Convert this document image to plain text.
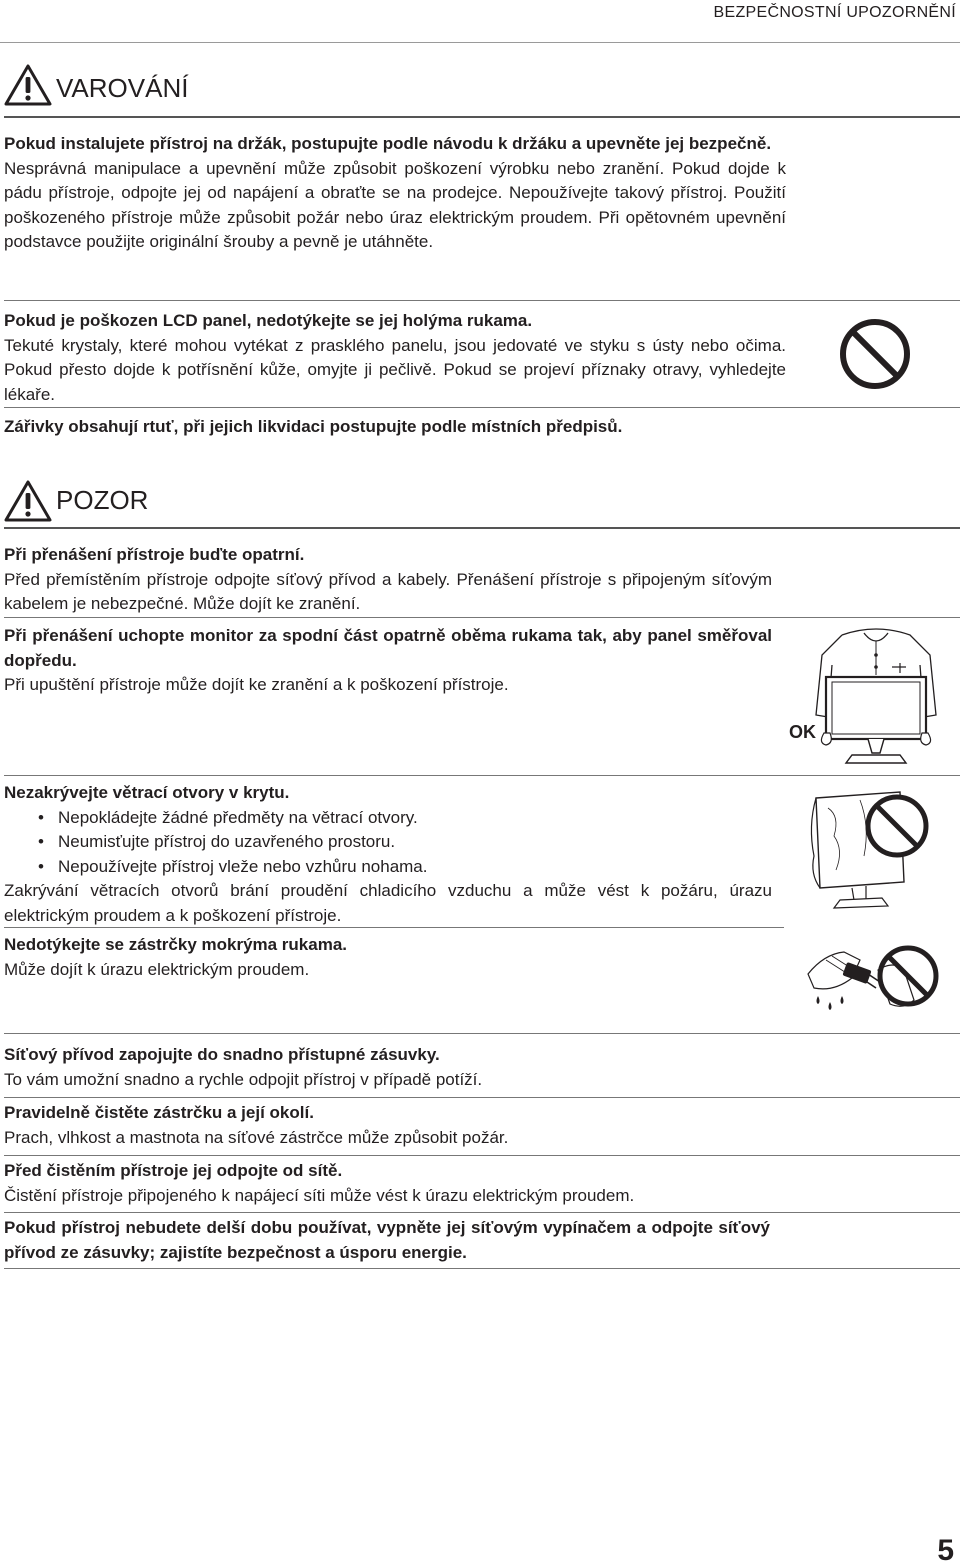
BEZPEČNOSTNÍ UPOZORNĚNÍ
VAROVÁNÍ
Pokud instalujete přístroj na držák, postupujte podle návodu k držáku a upevněte jej bezpečně.
Nesprávná manipulace a upevnění může způsobit poškození výrobku nebo zranění. Pokud dojde k pádu přístroje, odpojte jej od napájení a obraťte se na prodejce. Nepoužívejte takový přístroj. Použití poškozeného přístroje může způsobit požár nebo úraz elektrickým proudem. Při opětovném upevnění podstavce použijte originální šrouby a pevně je utáhněte.
Pokud je poškozen LCD panel, nedotýkejte se jej holýma rukama.
Tekuté krystaly, které mohou vytékat z prasklého panelu, jsou jedovaté ve styku s ústy nebo očima. Pokud přesto dojde k potřísnění kůže, omyjte ji pečlivě. Pokud se projeví příznaky otravy, vyhledejte lékaře.
Zářivky obsahují rtuť, při jejich likvidaci postupujte podle místních předpisů.
POZOR
Při přenášení přístroje buďte opatrní.
Před přemístěním přístroje odpojte síťový přívod a kabely. Přenášení přístroje s připojeným síťovým kabelem je nebezpečné. Může dojít ke zranění.
Při přenášení uchopte monitor za spodní část opatrně oběma rukama tak, aby panel směřoval dopředu.
Při upuštění přístroje může dojít ke zranění a k poškození přístroje.
OK
Nezakrývejte větrací otvory v krytu.
• Nepokládejte žádné předměty na větrací otvory.
• Neumisťujte přístroj do uzavřeného prostoru.
• Nepoužívejte přístroj vleže nebo vzhůru nohama.
Zakrývání větracích otvorů brání proudění chladicího vzduchu a může vést k požáru, úrazu elektrickým proudem a k poškození přístroje.
Nedotýkejte se zástrčky mokrýma rukama.
Může dojít k úrazu elektrickým proudem.
Síťový přívod zapojujte do snadno přístupné zásuvky.
To vám umožní snadno a rychle odpojit přístroj v případě potíží.
Pravidelně čistěte zástrčku a její okolí.
Prach, vlhkost a mastnota na síťové zástrčce může způsobit požár.
Před čistěním přístroje jej odpojte od sítě.
Čistění přístroje připojeného k napájecí síti může vést k úrazu elektrickým proudem.
Pokud přístroj nebudete delší dobu používat, vypněte jej síťovým vypínačem a odpojte síťový přívod ze zásuvky; zajistíte bezpečnost a úsporu energie.
5
